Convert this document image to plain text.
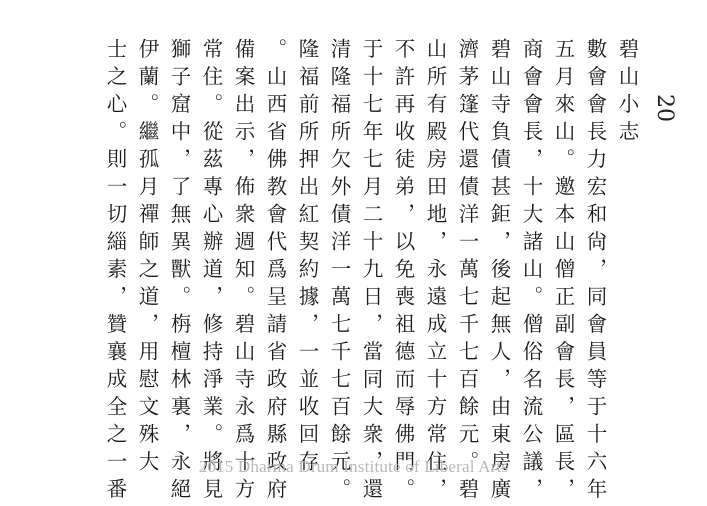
20
碧山小志
數會會長力宏和尙，同會員等于十六年
五月來山。邀本山僧正副會長，區長，
商會會長，十大諸山。僧俗名流公議，
碧山寺負債甚鉅，後起無人，由東房廣
濟茅篷代還債洋一萬七千七百餘元。碧
山所有殿房田地，永遠成立十方常住，
不許再收徒弟，以免喪祖德而辱佛門。
于十七年七月二十九日，當同大衆，還
清隆福所欠外債洋一萬七千七百餘元。
隆福前所押出紅契約據，一並收回存
。山西省佛教會代爲呈請省政府縣政府
備案出示，佈衆週知。碧山寺永爲十方
常住。從茲專心辦道，修持淨業。將見
獅子窟中，了無異獸。栴檀林裏，永絕
伊蘭。繼孤月禪師之道，用慰文殊大
士之心。則一切緇素，贊襄成全之一番	2015 Dharma Drum Institute of Liberal Arts
